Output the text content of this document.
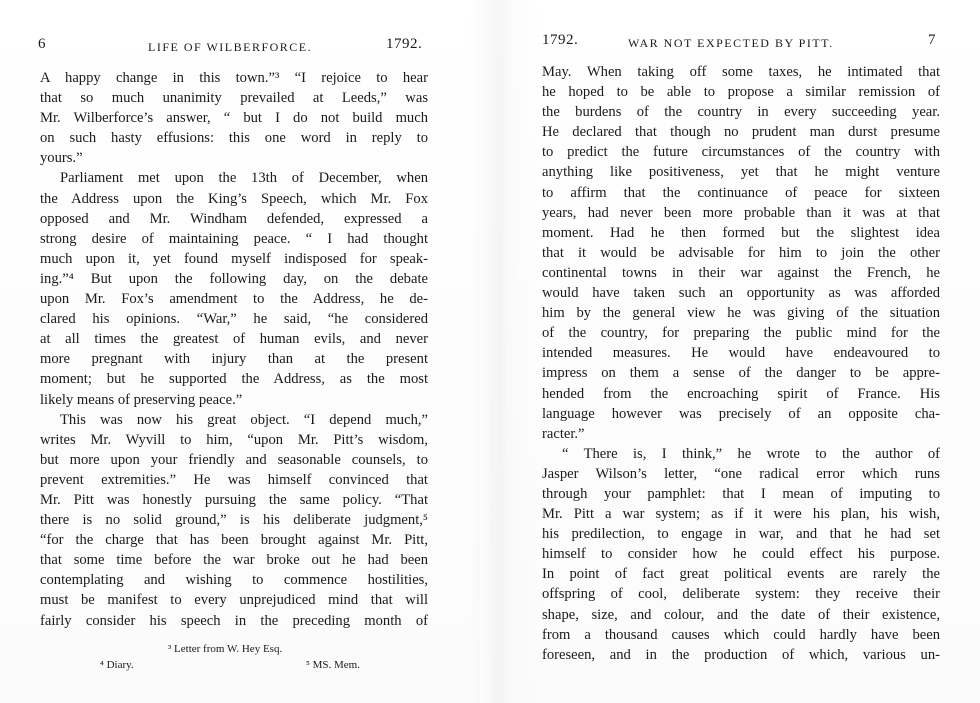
6	LIFE OF WILBERFORCE.	1792.
A happy change in this town.”³ “I rejoice to hear
that so much unanimity prevailed at Leeds,” was
Mr. Wilberforce’s answer, “ but I do not build much
on such hasty effusions: this one word in reply to
yours.”
Parliament met upon the 13th of December, when
the Address upon the King’s Speech, which Mr. Fox
opposed and Mr. Windham defended, expressed a
strong desire of maintaining peace. “ I had thought
much upon it, yet found myself indisposed for speak-
ing.”⁴ But upon the following day, on the debate
upon Mr. Fox’s amendment to the Address, he de-
clared his opinions. “War,” he said, “he considered
at all times the greatest of human evils, and never
more pregnant with injury than at the present
moment; but he supported the Address, as the most
likely means of preserving peace.”
This was now his great object. “I depend much,”
writes Mr. Wyvill to him, “upon Mr. Pitt’s wisdom,
but more upon your friendly and seasonable counsels, to
prevent extremities.” He was himself convinced that
Mr. Pitt was honestly pursuing the same policy. “That
there is no solid ground,” is his deliberate judgment,⁵
“for the charge that has been brought against Mr. Pitt,
that some time before the war broke out he had been
contemplating and wishing to commence hostilities,
must be manifest to every unprejudiced mind that will
fairly consider his speech in the preceding month of
³ Letter from W. Hey Esq.
⁴ Diary.	⁵ MS. Mem.
1792.	WAR NOT EXPECTED BY PITT.	7
May. When taking off some taxes, he intimated that
he hoped to be able to propose a similar remission of
the burdens of the country in every succeeding year.
He declared that though no prudent man durst presume
to predict the future circumstances of the country with
anything like positiveness, yet that he might venture
to affirm that the continuance of peace for sixteen
years, had never been more probable than it was at that
moment. Had he then formed but the slightest idea
that it would be advisable for him to join the other
continental towns in their war against the French, he
would have taken such an opportunity as was afforded
him by the general view he was giving of the situation
of the country, for preparing the public mind for the
intended measures. He would have endeavoured to
impress on them a sense of the danger to be appre-
hended from the encroaching spirit of France. His
language however was precisely of an opposite cha-
racter.”
“ There is, I think,” he wrote to the author of
Jasper Wilson’s letter, “one radical error which runs
through your pamphlet: that I mean of imputing to
Mr. Pitt a war system; as if it were his plan, his wish,
his predilection, to engage in war, and that he had set
himself to consider how he could effect his purpose.
In point of fact great political events are rarely the
offspring of cool, deliberate system: they receive their
shape, size, and colour, and the date of their existence,
from a thousand causes which could hardly have been
foreseen, and in the production of which, various un-
